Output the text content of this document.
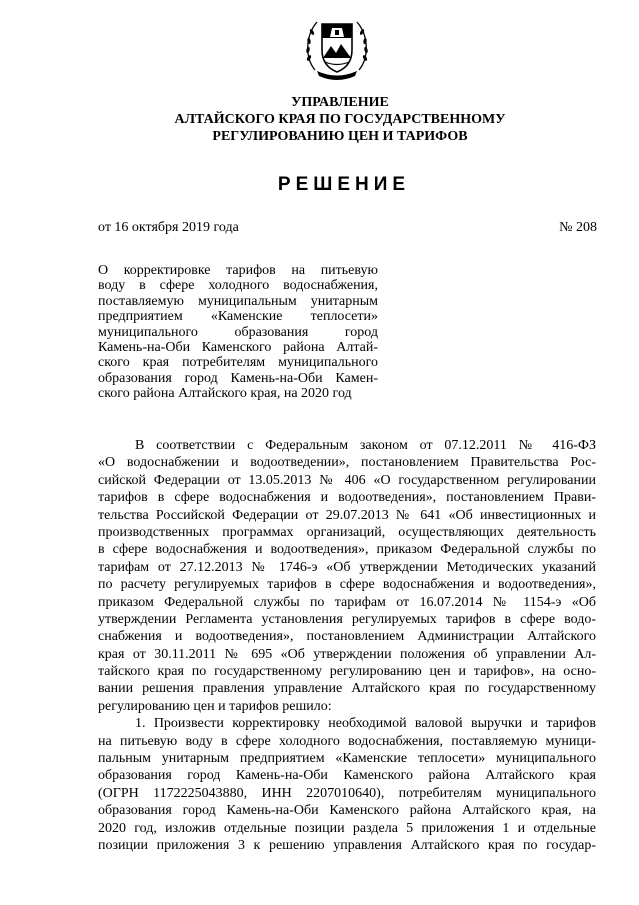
УПРАВЛЕНИЕ
АЛТАЙСКОГО КРАЯ ПО ГОСУДАРСТВЕННОМУ
РЕГУЛИРОВАНИЮ ЦЕН И ТАРИФОВ
РЕШЕНИЕ
от 16 октября 2019 года	№ 208
О корректировке тарифов на питьевую
воду в сфере холодного водоснабжения,
поставляемую муниципальным унитарным
предприятием «Каменские теплосети»
муниципального образования город
Камень-на-Оби Каменского района Алтай-
ского края потребителям муниципального
образования город Камень-на-Оби Камен-
ского района Алтайского края, на 2020 год
В соответствии с Федеральным законом от 07.12.2011 № 416-ФЗ
«О водоснабжении и водоотведении», постановлением Правительства Рос-
сийской Федерации от 13.05.2013 № 406 «О государственном регулировании
тарифов в сфере водоснабжения и водоотведения», постановлением Прави-
тельства Российской Федерации от 29.07.2013 № 641 «Об инвестиционных и
производственных программах организаций, осуществляющих деятельность
в сфере водоснабжения и водоотведения», приказом Федеральной службы по
тарифам от 27.12.2013 № 1746-э «Об утверждении Методических указаний
по расчету регулируемых тарифов в сфере водоснабжения и водоотведения»,
приказом Федеральной службы по тарифам от 16.07.2014 № 1154-э «Об
утверждении Регламента установления регулируемых тарифов в сфере водо-
снабжения и водоотведения», постановлением Администрации Алтайского
края от 30.11.2011 № 695 «Об утверждении положения об управлении Ал-
тайского края по государственному регулированию цен и тарифов», на осно-
вании решения правления управление Алтайского края по государственному
регулированию цен и тарифов решило:
1. Произвести корректировку необходимой валовой выручки и тарифов
на питьевую воду в сфере холодного водоснабжения, поставляемую муници-
пальным унитарным предприятием «Каменские теплосети» муниципального
образования город Камень-на-Оби Каменского района Алтайского края
(ОГРН 1172225043880, ИНН 2207010640), потребителям муниципального
образования город Камень-на-Оби Каменского района Алтайского края, на
2020 год, изложив отдельные позиции раздела 5 приложения 1 и отдельные
позиции приложения 3 к решению управления Алтайского края по государ-
